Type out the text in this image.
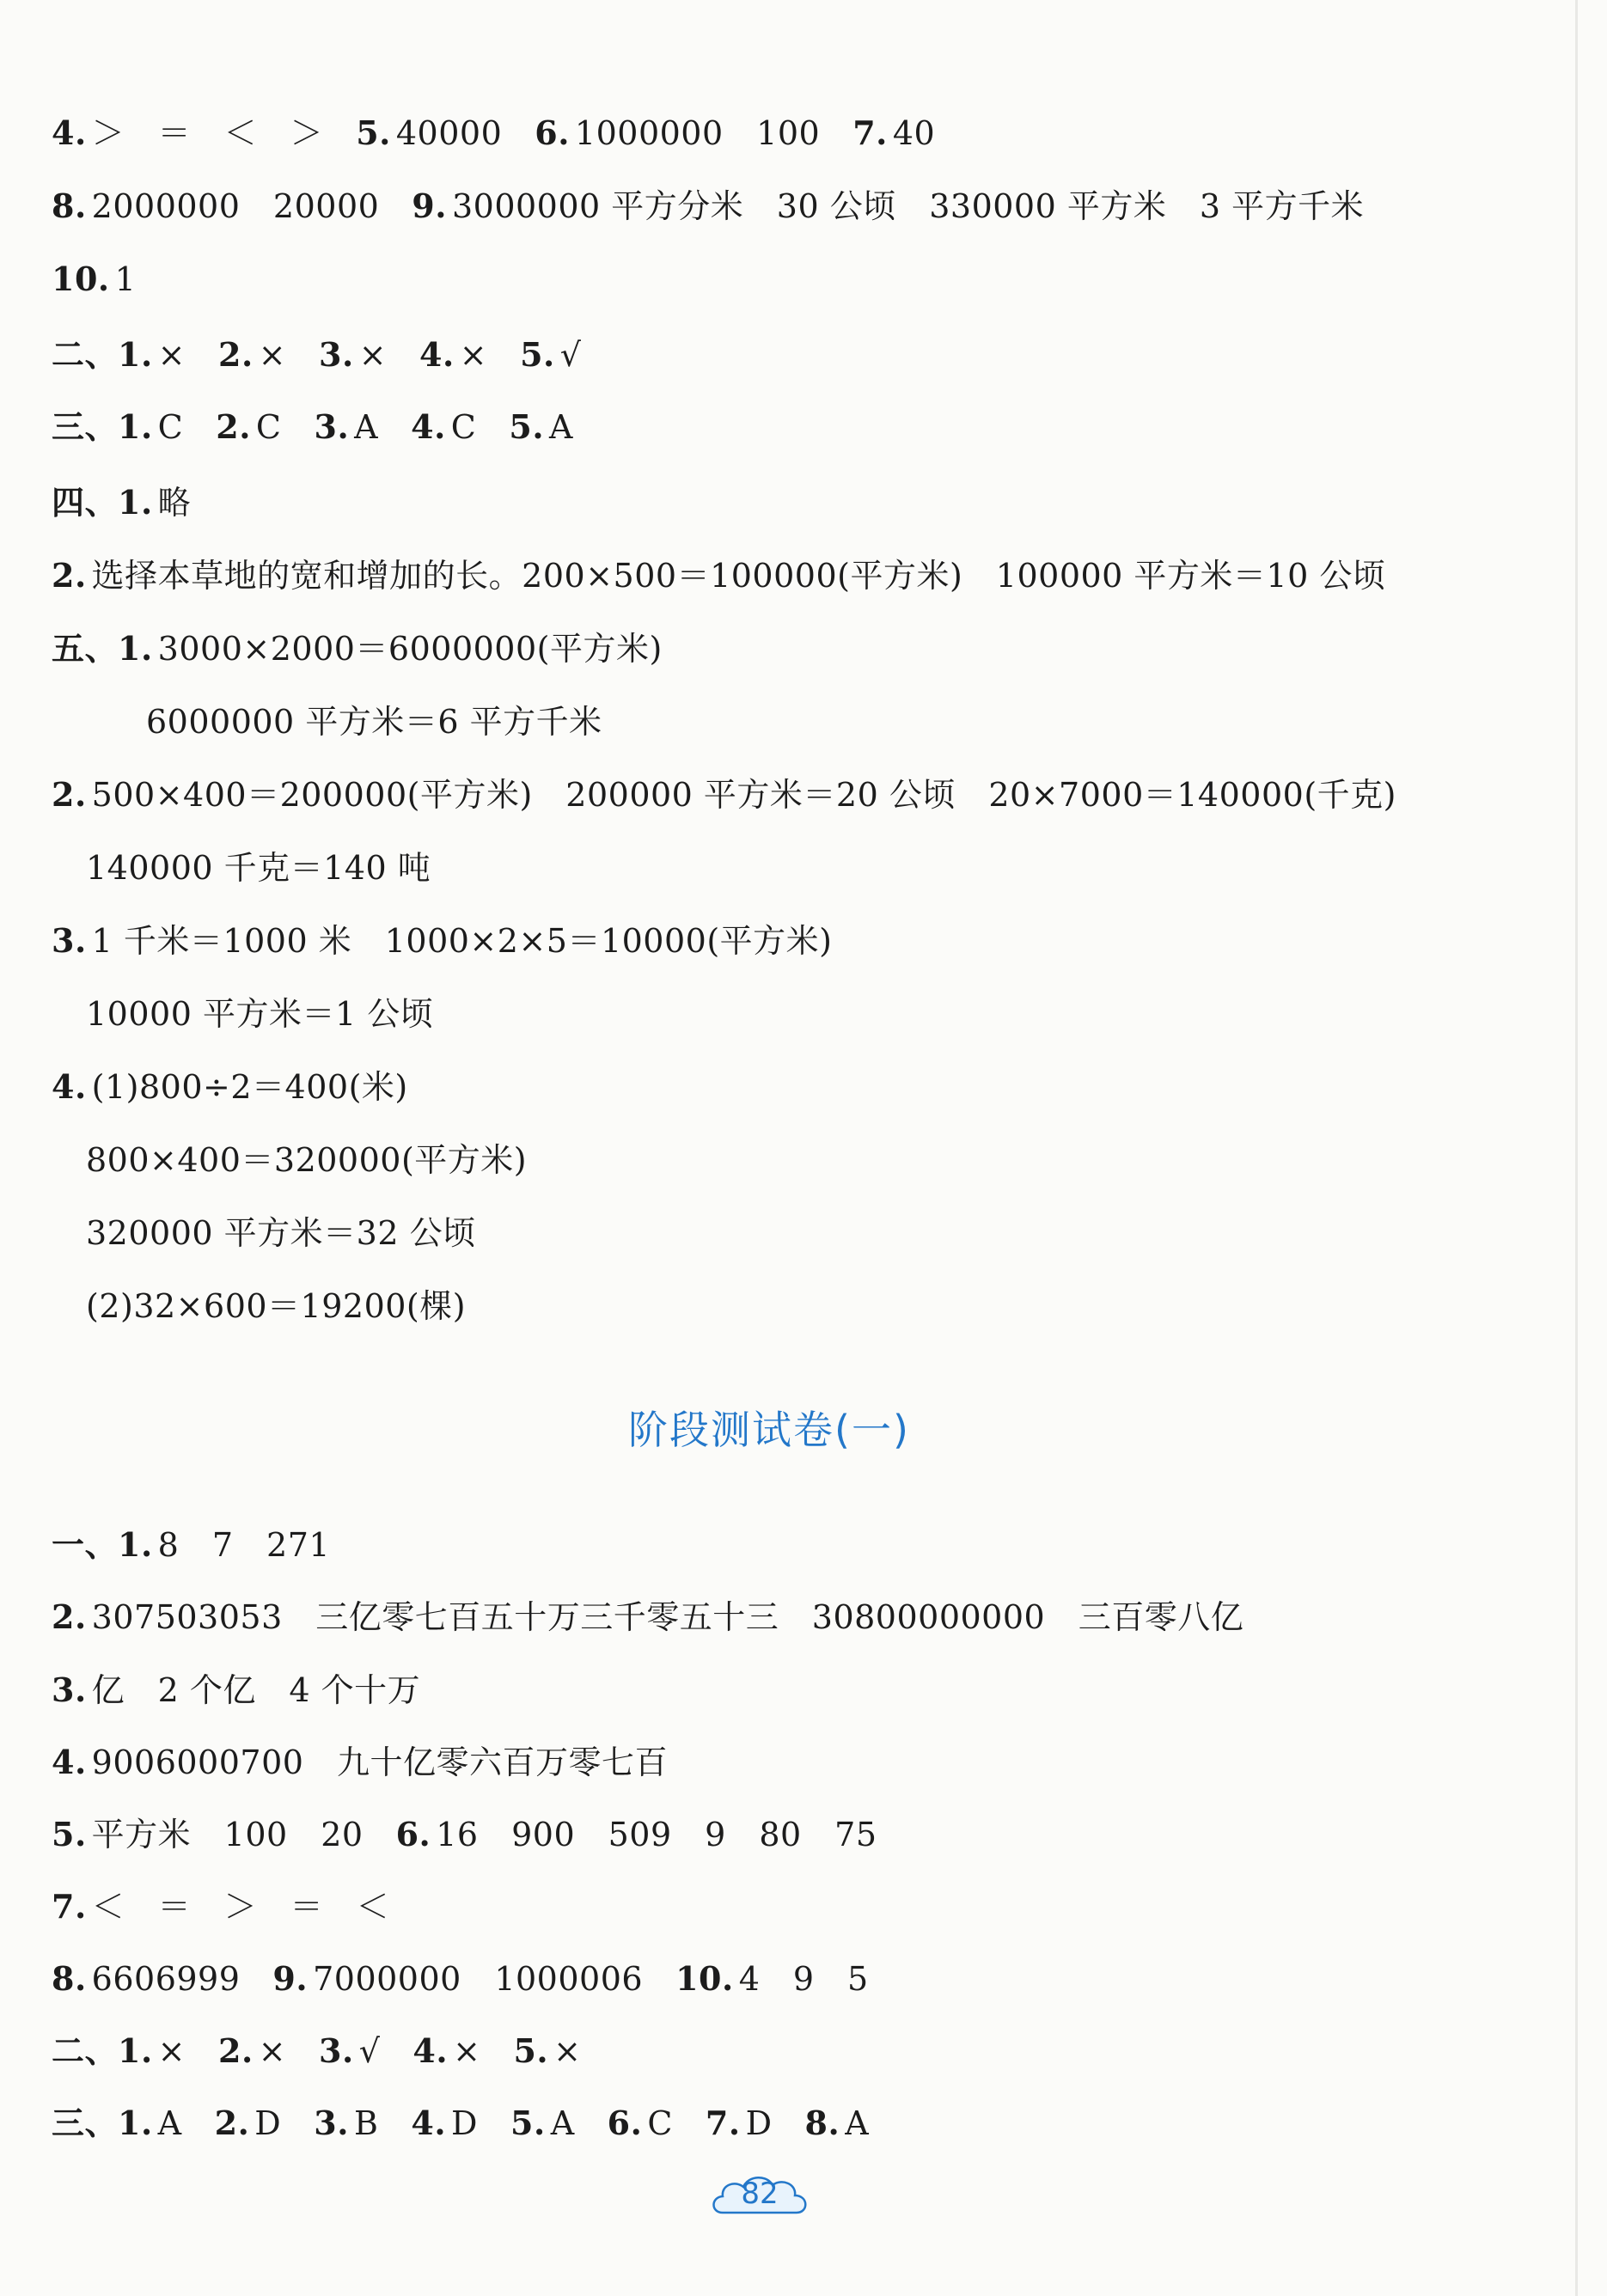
4. ＞　＝　＜　＞ 5. 40000 6. 1000000　100 7. 40
8. 2000000　20000 9. 3000000 平方分米　30 公顷　330000 平方米　3 平方千米
10. 1
二、1. × 2. × 3. × 4. × 5. √
三、1. C 2. C 3. A 4. C 5. A
四、1. 略
2. 选择本草地的宽和增加的长。200×500＝100000(平方米)　100000 平方米＝10 公顷
五、1. 3000×2000＝6000000(平方米)
6000000 平方米＝6 平方千米
2. 500×400＝200000(平方米)　200000 平方米＝20 公顷　20×7000＝140000(千克)
140000 千克＝140 吨
3. 1 千米＝1000 米　1000×2×5＝10000(平方米)
10000 平方米＝1 公顷
4. (1)800÷2＝400(米)
800×400＝320000(平方米)
320000 平方米＝32 公顷
(2)32×600＝19200(棵)
一、1. 8　7　271
2. 307503053　三亿零七百五十万三千零五十三　30800000000　三百零八亿
3. 亿　2 个亿　4 个十万
4. 9006000700　九十亿零六百万零七百
5. 平方米　100　20 6. 16　900　509　9　80　75
7. ＜　＝　＞　＝　＜
8. 6606999 9. 7000000　1000006 10. 4　9　5
二、1. × 2. × 3. √ 4. × 5. ×
三、1. A 2. D 3. B 4. D 5. A 6. C 7. D 8. A
阶段测试卷(一)
82
